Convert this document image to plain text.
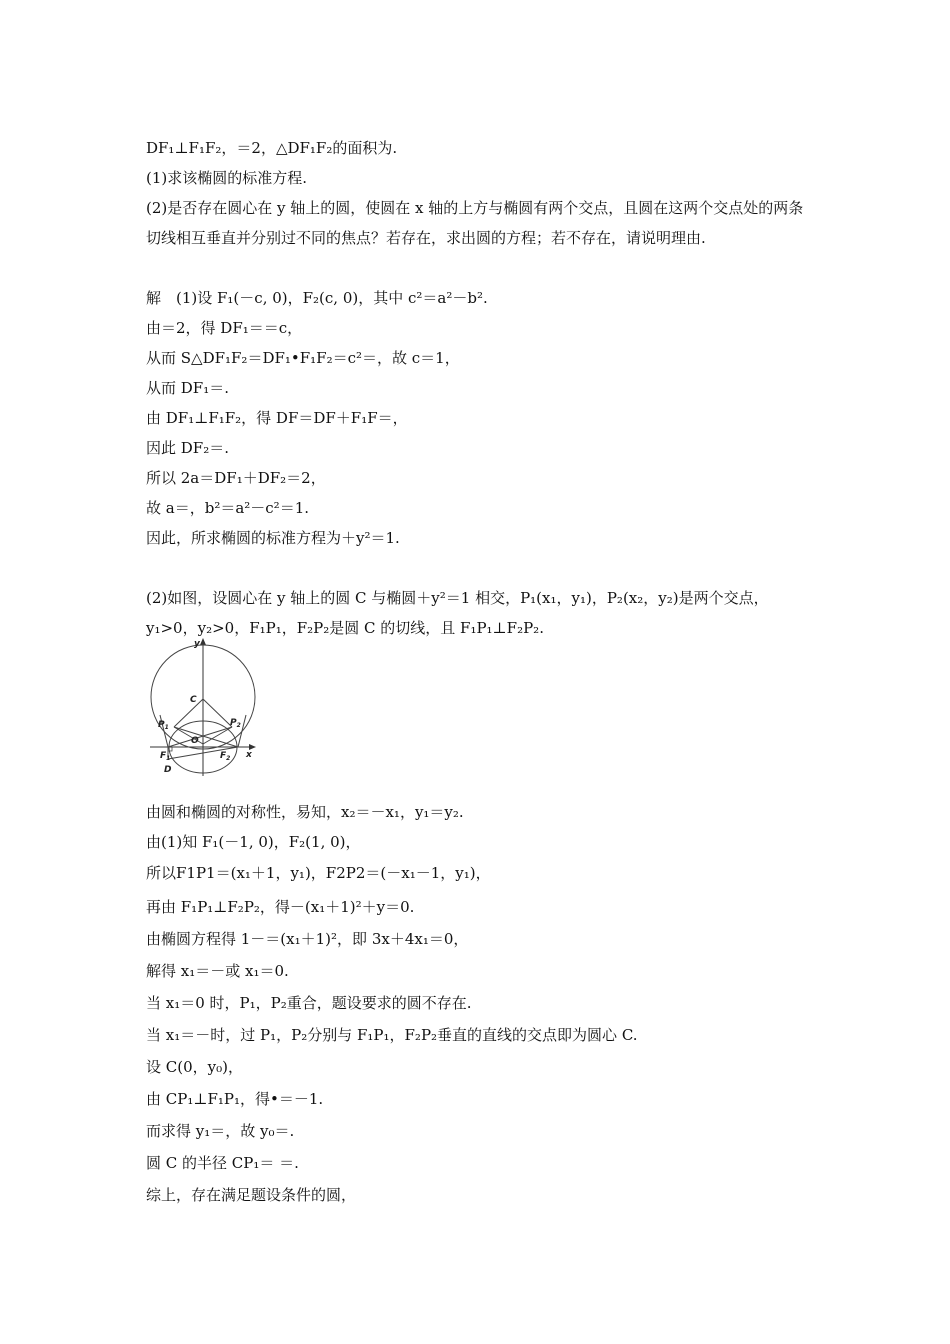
DF₁⊥F₁F₂，＝2，△DF₁F₂的面积为.
(1)求该椭圆的标准方程.
(2)是否存在圆心在 y 轴上的圆，使圆在 x 轴的上方与椭圆有两个交点，且圆在这两个交点处的两条切线相互垂直并分别过不同的焦点？若存在，求出圆的方程；若不存在，请说明理由.
解　(1)设 F₁(－c, 0)，F₂(c, 0)，其中 c²＝a²－b².
由＝2，得 DF₁＝＝c，
从而 S△DF₁F₂＝DF₁•F₁F₂＝c²＝，故 c＝1，
从而 DF₁＝.
由 DF₁⊥F₁F₂，得 DF＝DF＋F₁F＝，
因此 DF₂＝.
所以 2a＝DF₁＋DF₂＝2，
故 a＝，b²＝a²－c²＝1.
因此，所求椭圆的标准方程为＋y²＝1.
(2)如图，设圆心在 y 轴上的圆 C 与椭圆＋y²＝1 相交，P₁(x₁，y₁)，P₂(x₂，y₂)是两个交点，y₁>0，y₂>0，F₁P₁，F₂P₂是圆 C 的切线，且 F₁P₁⊥F₂P₂.
y
x
C
$P_1$	$P_2$
O
$F_1$	$F_2$
D
由圆和椭圆的对称性，易知，x₂＝－x₁，y₁＝y₂.
由(1)知 F₁(－1, 0)，F₂(1, 0)，
所以F1P1＝(x₁＋1，y₁)，F2P2＝(－x₁－1，y₁)，
再由 F₁P₁⊥F₂P₂，得－(x₁＋1)²＋y＝0.
由椭圆方程得 1－＝(x₁＋1)²，即 3x＋4x₁＝0，
解得 x₁＝－或 x₁＝0.
当 x₁＝0 时，P₁，P₂重合，题设要求的圆不存在.
当 x₁＝－时，过 P₁，P₂分别与 F₁P₁，F₂P₂垂直的直线的交点即为圆心 C.
设 C(0，y₀)，
由 CP₁⊥F₁P₁，得•＝－1.
而求得 y₁＝，故 y₀＝.
圆 C 的半径 CP₁＝ ＝.
综上，存在满足题设条件的圆，
